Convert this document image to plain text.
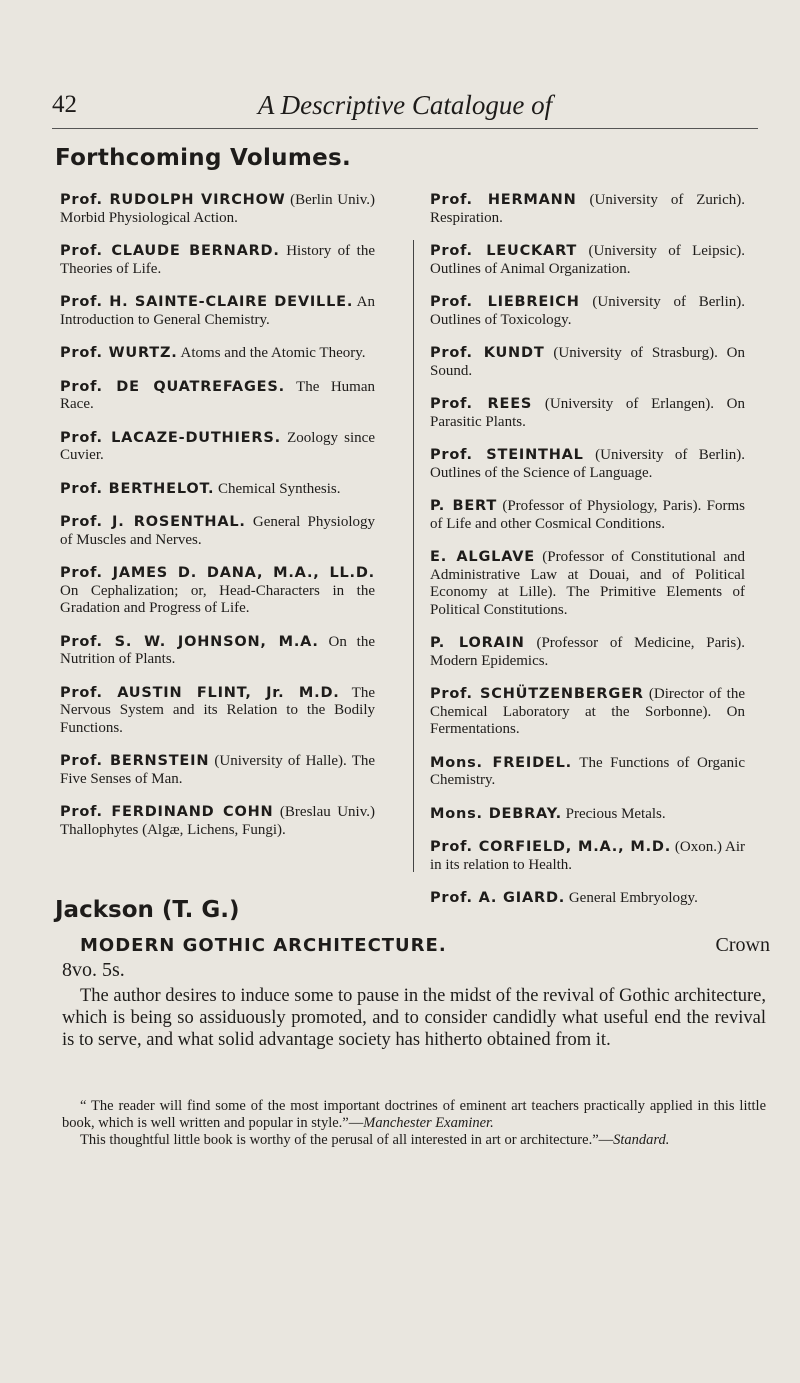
42	A Descriptive Catalogue of
Forthcoming Volumes.
Prof. RUDOLPH VIRCHOW (Berlin Univ.) Morbid Physiological Action.
Prof. CLAUDE BERNARD. History of the Theories of Life.
Prof. H. SAINTE-CLAIRE DEVILLE. An Introduction to General Chemistry.
Prof. WURTZ. Atoms and the Atomic Theory.
Prof. DE QUATREFAGES. The Human Race.
Prof. LACAZE-DUTHIERS. Zoology since Cuvier.
Prof. BERTHELOT. Chemical Synthesis.
Prof. J. ROSENTHAL. General Physiology of Muscles and Nerves.
Prof. JAMES D. DANA, M.A., LL.D. On Cephalization; or, Head-Characters in the Gradation and Progress of Life.
Prof. S. W. JOHNSON, M.A. On the Nutrition of Plants.
Prof. AUSTIN FLINT, Jr. M.D. The Nervous System and its Relation to the Bodily Functions.
Prof. BERNSTEIN (University of Halle). The Five Senses of Man.
Prof. FERDINAND COHN (Breslau Univ.) Thallophytes (Algæ, Lichens, Fungi).
Prof. HERMANN (University of Zurich). Respiration.
Prof. LEUCKART (University of Leipsic). Outlines of Animal Organization.
Prof. LIEBREICH (University of Berlin). Outlines of Toxicology.
Prof. KUNDT (University of Strasburg). On Sound.
Prof. REES (University of Erlangen). On Parasitic Plants.
Prof. STEINTHAL (University of Berlin). Outlines of the Science of Language.
P. BERT (Professor of Physiology, Paris). Forms of Life and other Cosmical Conditions.
E. ALGLAVE (Professor of Constitutional and Administrative Law at Douai, and of Political Economy at Lille). The Primitive Elements of Political Constitutions.
P. LORAIN (Professor of Medicine, Paris). Modern Epidemics.
Prof. SCHÜTZENBERGER (Director of the Chemical Laboratory at the Sorbonne). On Fermentations.
Mons. FREIDEL. The Functions of Organic Chemistry.
Mons. DEBRAY. Precious Metals.
Prof. CORFIELD, M.A., M.D. (Oxon.) Air in its relation to Health.
Prof. A. GIARD. General Embryology.
Jackson (T. G.)
MODERN GOTHIC ARCHITECTURE.	Crown
8vo. 5s.
The author desires to induce some to pause in the midst of the revival of Gothic architecture, which is being so assiduously promoted, and to consider candidly what useful end the revival is to serve, and what solid advantage society has hitherto obtained from it.
“ The reader will find some of the most important doctrines of eminent art teachers practically applied in this little book, which is well written and popular in style.”—Manchester Examiner.
This thoughtful little book is worthy of the perusal of all interested in art or architecture.”—Standard.
